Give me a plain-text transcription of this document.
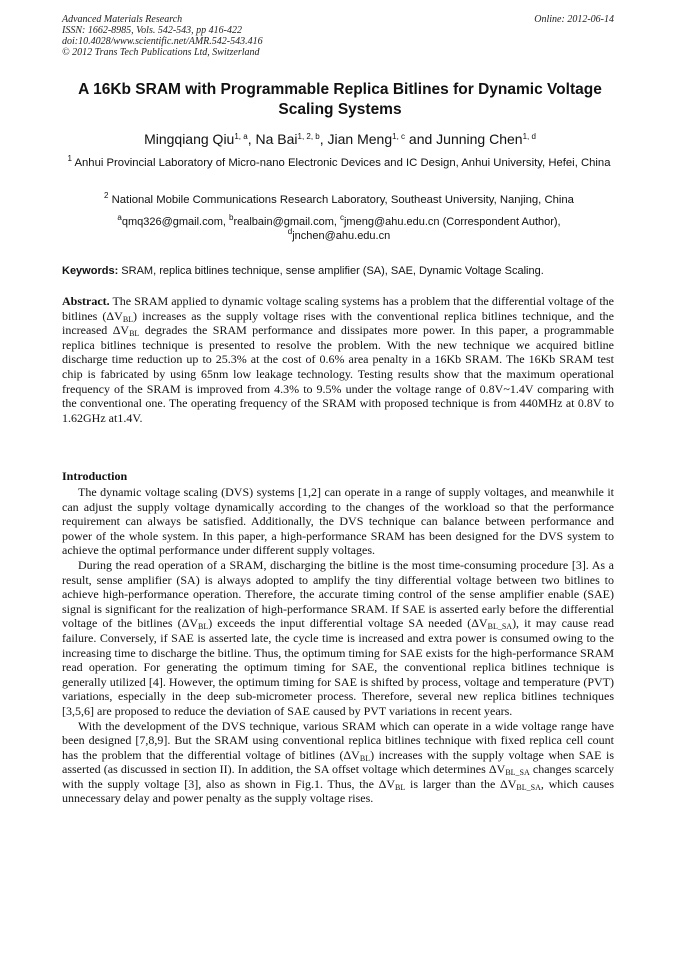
Advanced Materials Research
ISSN: 1662-8985, Vols. 542-543, pp 416-422
doi:10.4028/www.scientific.net/AMR.542-543.416
© 2012 Trans Tech Publications Ltd, Switzerland
Online: 2012-06-14
A 16Kb SRAM with Programmable Replica Bitlines for Dynamic Voltage Scaling Systems
Mingqiang Qiu$^{1, a}$, Na Bai$^{1, 2, b}$, Jian Meng$^{1, c}$ and Junning Chen$^{1, d}$
$^1$ Anhui Provincial Laboratory of Micro-nano Electronic Devices and IC Design, Anhui University, Hefei, China
$^2$ National Mobile Communications Research Laboratory, Southeast University, Nanjing, China
$^a$qmq326@gmail.com, $^b$realbain@gmail.com, $^c$jmeng@ahu.edu.cn (Correspondent Author),
$^d$jnchen@ahu.edu.cn
Keywords: SRAM, replica bitlines technique, sense amplifier (SA), SAE, Dynamic Voltage Scaling.
Abstract. The SRAM applied to dynamic voltage scaling systems has a problem that the differential voltage of the bitlines $(\Delta V_{BL})$ increases as the supply voltage rises with the conventional replica bitlines technique, and the increased $\Delta V_{BL}$ degrades the SRAM performance and dissipates more power. In this paper, a programmable replica bitlines technique is presented to resolve the problem. With the new technique we acquired bitline discharge time reduction up to 25.3% at the cost of 0.6% area penalty in a 16Kb SRAM. The 16Kb SRAM test chip is fabricated by using 65nm low leakage technology. Testing results show that the maximum operational frequency of the SRAM is improved from 4.3% to 9.5% under the voltage range of 0.8V~1.4V comparing with the conventional one. The operating frequency of the SRAM with proposed technique is from 440MHz at 0.8V to 1.62GHz at1.4V.
Introduction

The dynamic voltage scaling (DVS) systems [1,2] can operate in a range of supply voltages, and meanwhile it can adjust the supply voltage dynamically according to the changes of the workload so that the performance requirement can always be satisfied. Additionally, the DVS technique can balance between performance and power of the whole system. In this paper, a high-performance SRAM has been designed for the DVS system to achieve the optimal performance under different supply voltages.

During the read operation of a SRAM, discharging the bitline is the most time-consuming procedure [3]. As a result, sense amplifier (SA) is always adopted to amplify the tiny differential voltage between two bitlines to achieve high-performance operation. Therefore, the accurate timing control of the sense amplifier enable (SAE) signal is significant for the realization of high-performance SRAM. If SAE is asserted early before the differential voltage of the bitlines $(\Delta V_{BL})$ exceeds the input differential voltage SA needed $(\Delta V_{BL\_SA})$, it may cause read failure. Conversely, if SAE is asserted late, the cycle time is increased and extra power is consumed owing to the increasing time to discharge the bitline. Thus, the optimum timing for SAE exists for the high-performance SRAM read operation. For generating the optimum timing for SAE, the conventional replica bitlines technique is generally utilized [4]. However, the optimum timing for SAE is shifted by process, voltage and temperature (PVT) variations, especially in the deep sub-micrometer process. Therefore, several new replica bitlines techniques [3,5,6] are proposed to reduce the deviation of SAE caused by PVT variations in recent years.

With the development of the DVS technique, various SRAM which can operate in a wide voltage range have been designed [7,8,9]. But the SRAM using conventional replica bitlines technique with fixed replica cell count has the problem that the differential voltage of bitlines $(\Delta V_{BL})$ increases with the supply voltage when SAE is asserted (as discussed in section II). In addition, the SA offset voltage which determines $\Delta V_{BL\_SA}$ changes scarcely with the supply voltage [3], also as shown in Fig.1. Thus, the $\Delta V_{BL}$ is larger than the $\Delta V_{BL\_SA}$, which causes unnecessary delay and power penalty as the supply voltage rises.
